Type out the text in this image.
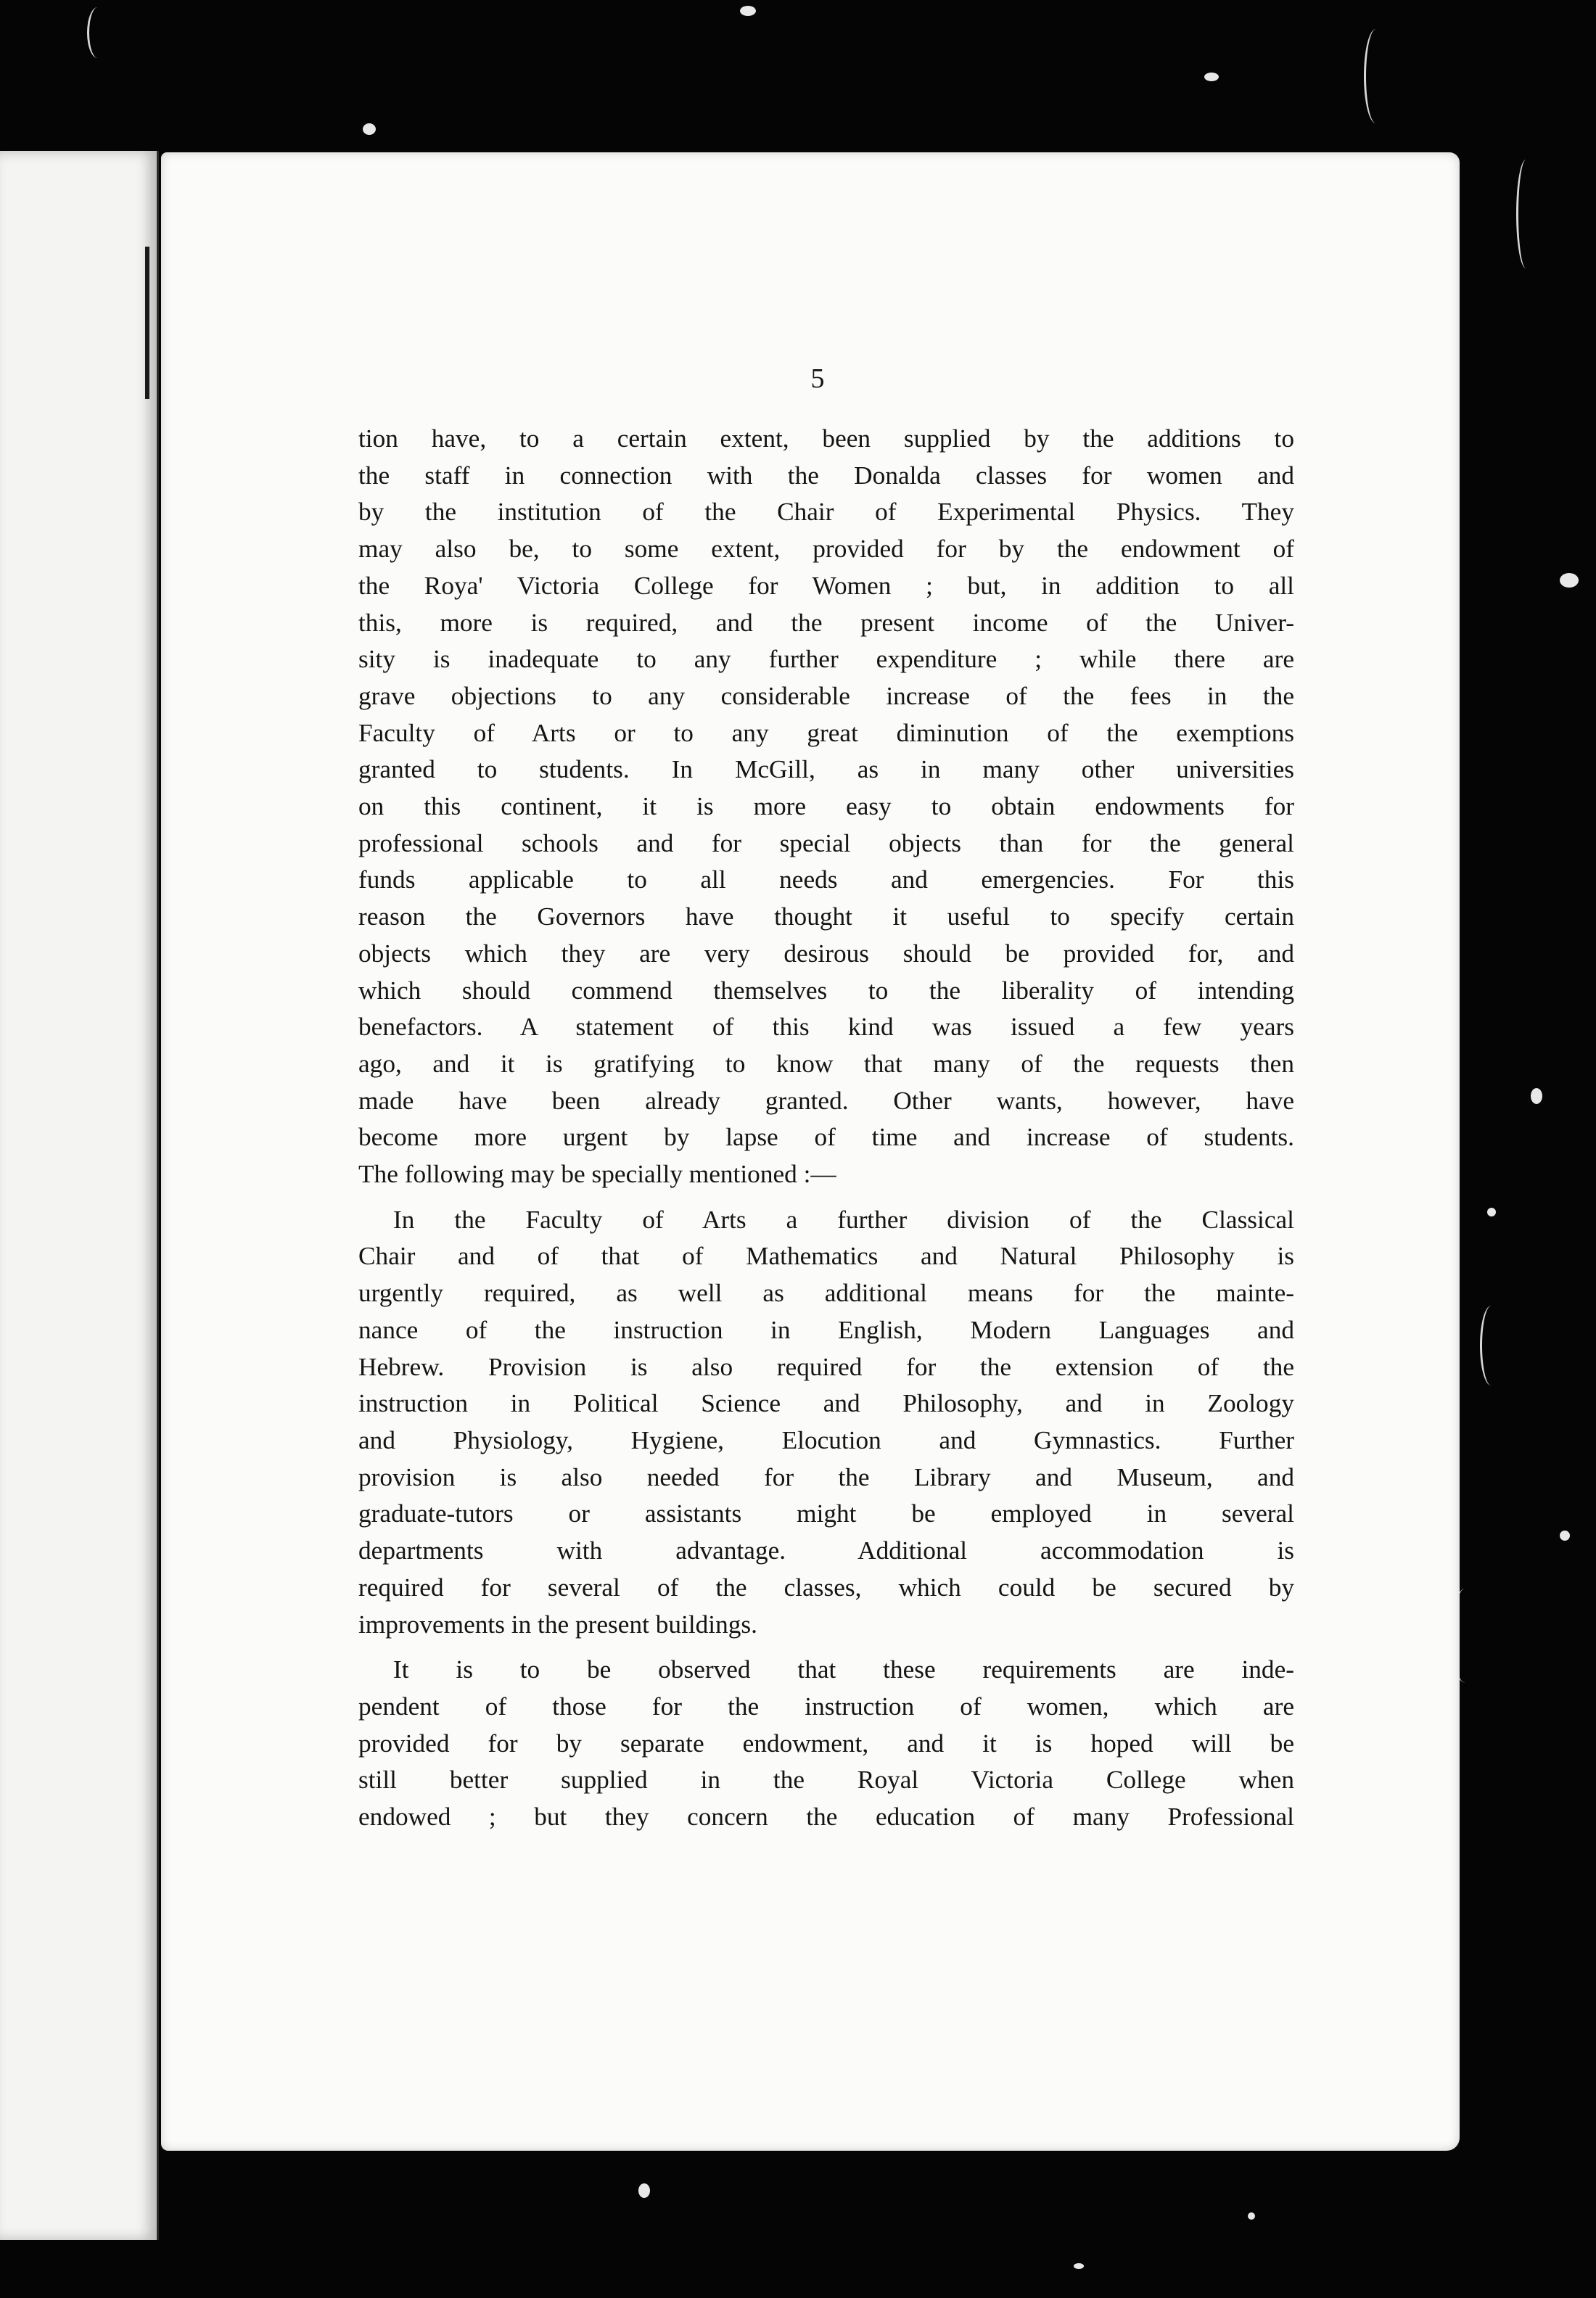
5
tion have, to a certain extent, been supplied by the additions to
the staff in connection with the Donalda classes for women and
by the institution of the Chair of Experimental Physics. They
may also be, to some extent, provided for by the endowment of
the Roya' Victoria College for Women ; but, in addition to all
this, more is required, and the present income of the Univer-
sity is inadequate to any further expenditure ; while there are
grave objections to any considerable increase of the fees in the
Faculty of Arts or to any great diminution of the exemptions
granted to students. In McGill, as in many other universities
on this continent, it is more easy to obtain endowments for
professional schools and for special objects than for the general
funds applicable to all needs and emergencies. For this
reason the Governors have thought it useful to specify certain
objects which they are very desirous should be provided for, and
which should commend themselves to the liberality of intending
benefactors. A statement of this kind was issued a few years
ago, and it is gratifying to know that many of the requests then
made have been already granted. Other wants, however, have
become more urgent by lapse of time and increase of students.
The following may be specially mentioned :—
In the Faculty of Arts a further division of the Classical
Chair and of that of Mathematics and Natural Philosophy is
urgently required, as well as additional means for the mainte-
nance of the instruction in English, Modern Languages and
Hebrew. Provision is also required for the extension of the
instruction in Political Science and Philosophy, and in Zoology
and Physiology, Hygiene, Elocution and Gymnastics. Further
provision is also needed for the Library and Museum, and
graduate-tutors or assistants might be employed in several
departments with advantage. Additional accommodation is
required for several of the classes, which could be secured by
improvements in the present buildings.
It is to be observed that these requirements are inde-
pendent of those for the instruction of women, which are
provided for by separate endowment, and it is hoped will be
still better supplied in the Royal Victoria College when
endowed ; but they concern the education of many Professional
